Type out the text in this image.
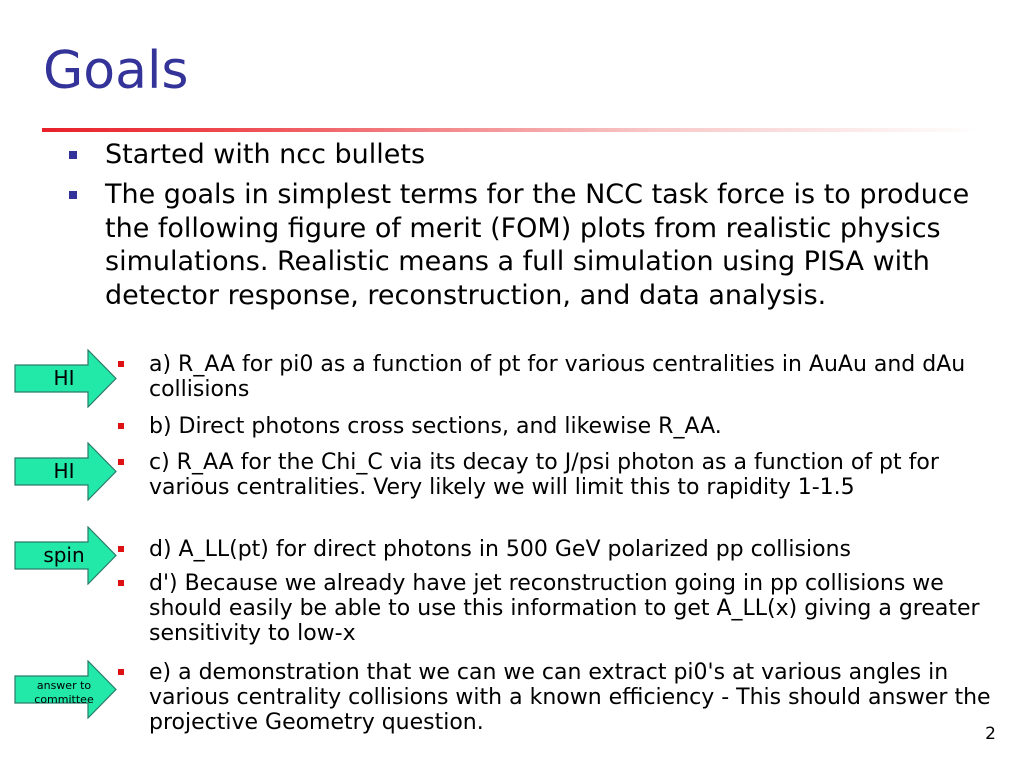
Goals
Started with ncc bullets
The goals in simplest terms for the NCC task force is to produce the following figure of merit (FOM) plots from realistic physics simulations. Realistic means a full simulation using PISA with detector response, reconstruction, and data analysis.
a) R_AA for pi0 as a function of pt for various centralities in AuAu and dAu collisions
b) Direct photons cross sections, and likewise R_AA.
c) R_AA for the Chi_C via its decay to J/psi photon as a function of pt for various centralities. Very likely we will limit this to rapidity 1-1.5
d) A_LL(pt) for direct photons in 500 GeV polarized pp collisions
d') Because we already have jet reconstruction going in pp collisions we should easily be able to use this information to get A_LL(x) giving a greater sensitivity to low-x
e) a demonstration that we can we can extract pi0's at various angles in various centrality collisions with a known efficiency - This should answer the projective Geometry question.
HI
HI
spin
answer to committee
2
